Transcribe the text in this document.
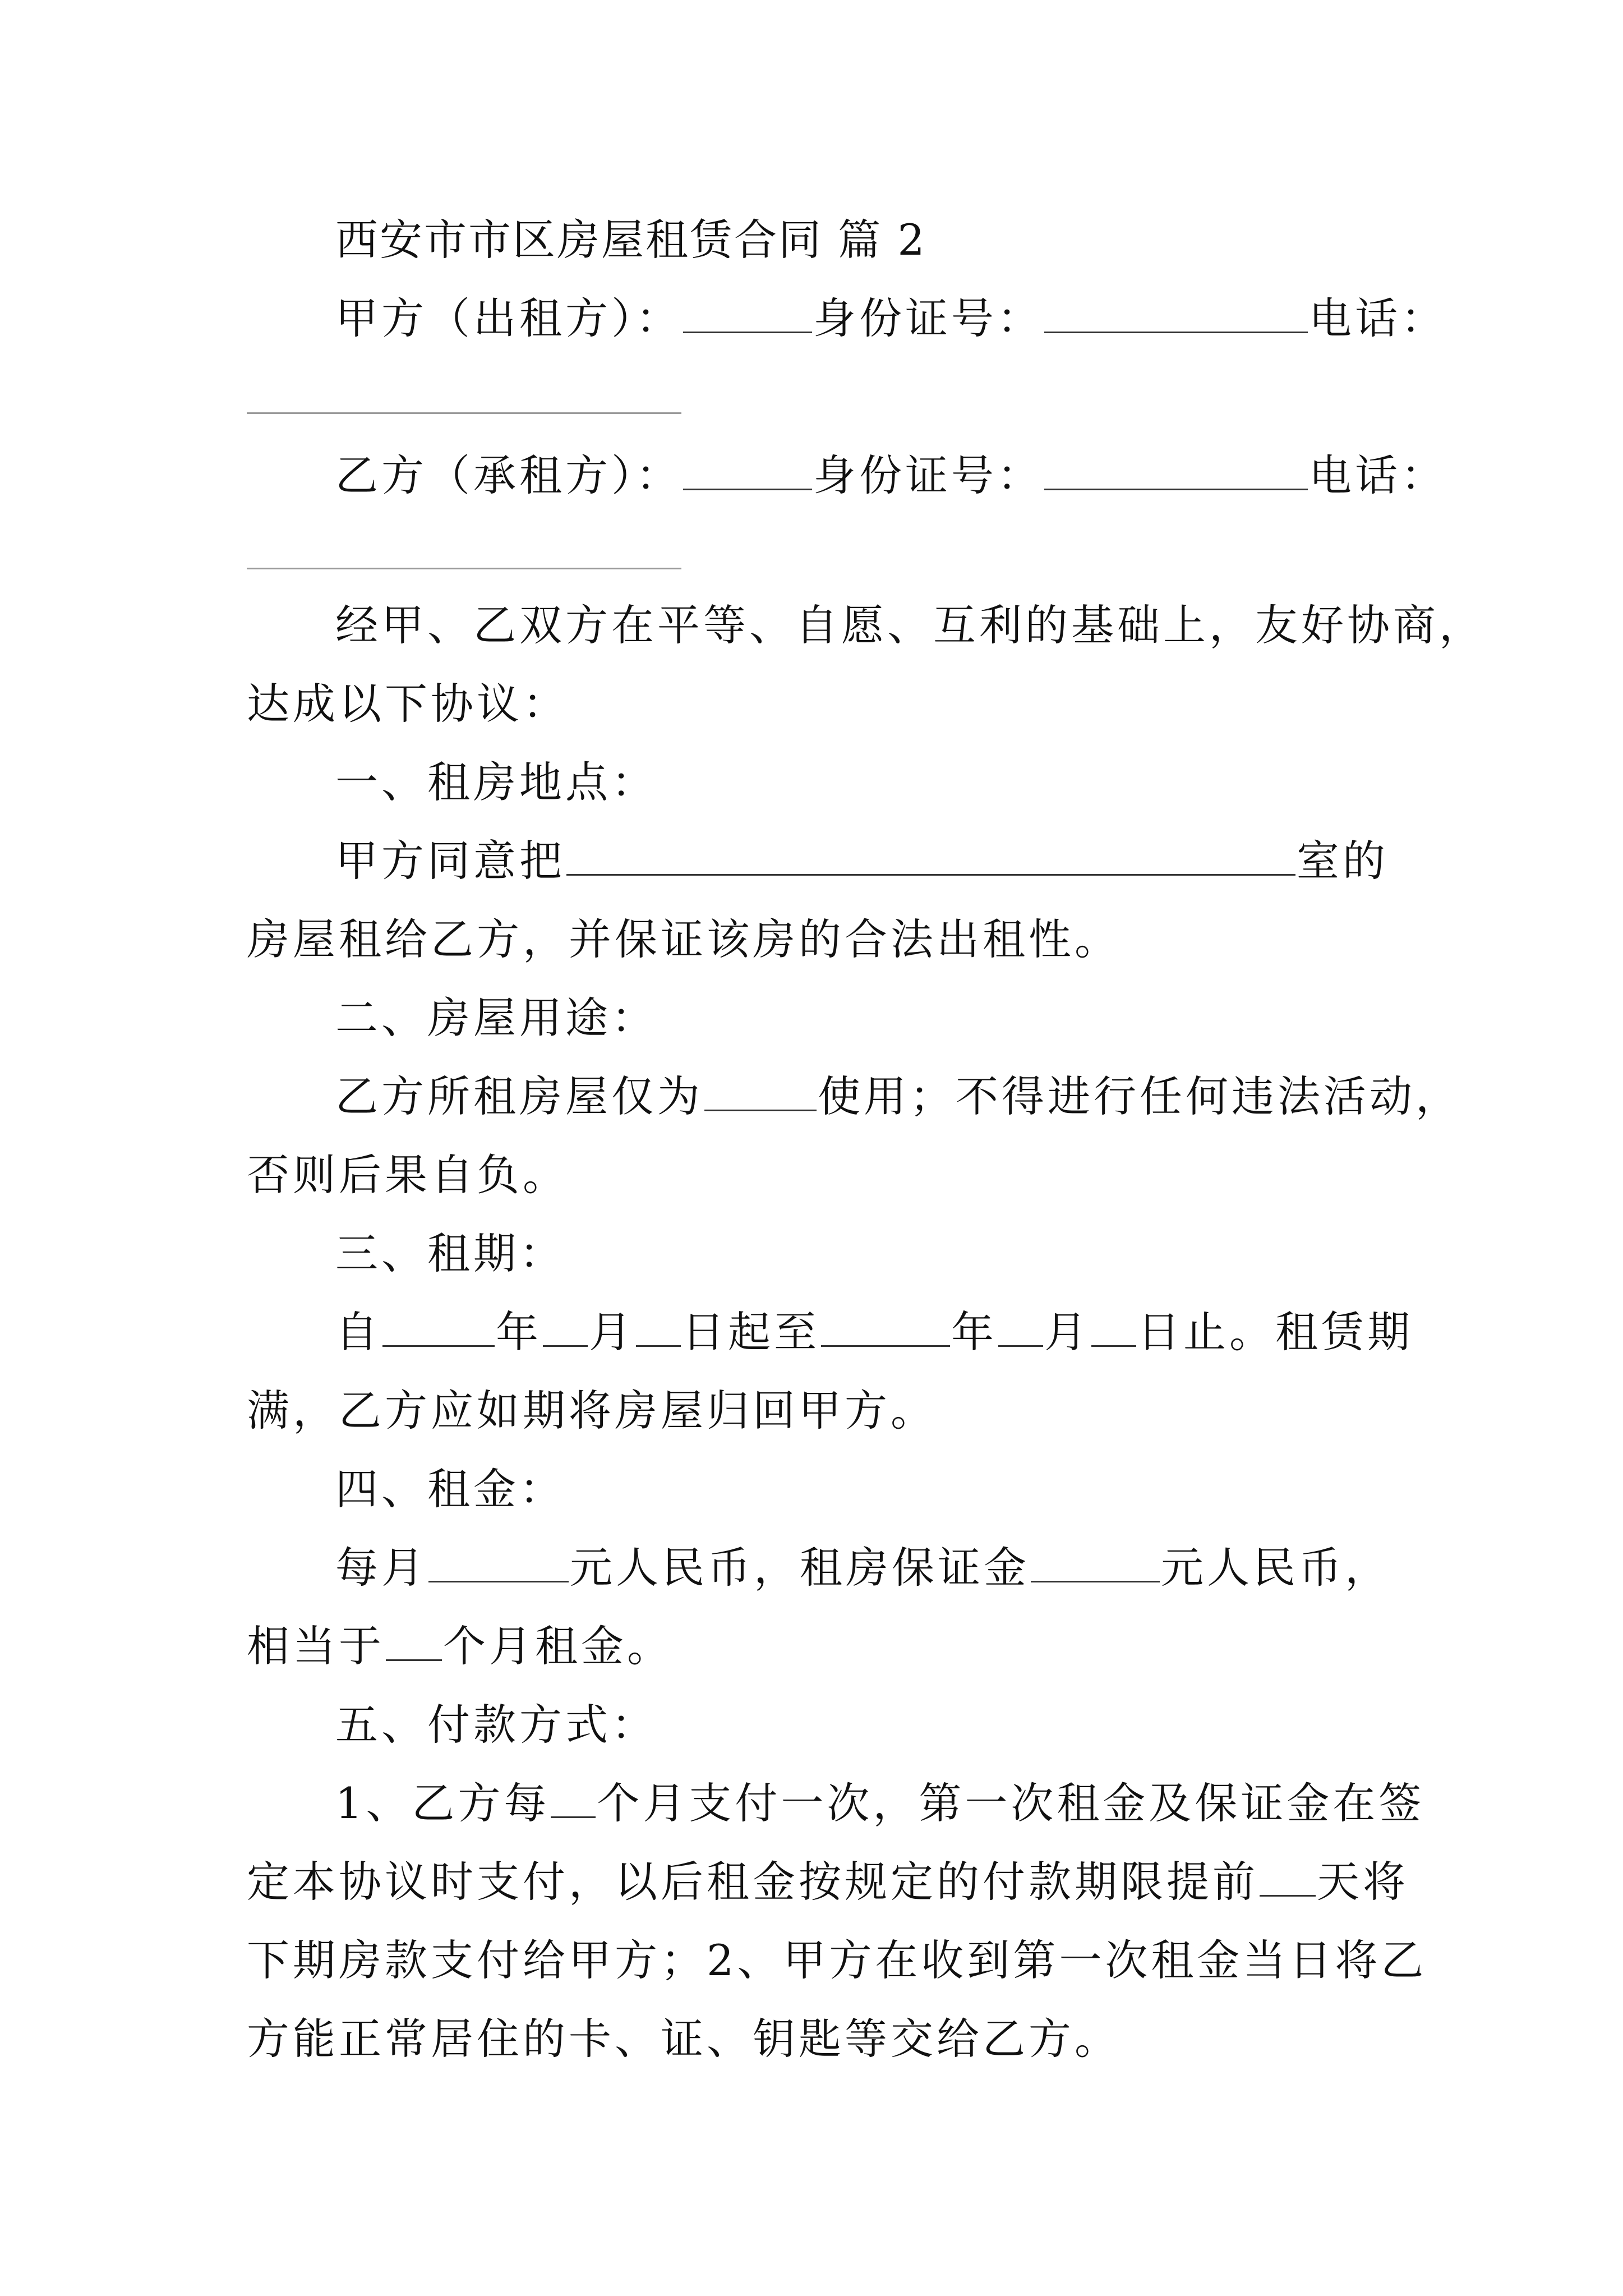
西安市市区房屋租赁合同 篇 2
甲方（出租方）：	身份证号：	电话：
乙方（承租方）：	身份证号：	电话：
经甲、乙双方在平等、自愿、互利的基础上，友好协商，
达成以下协议：
一、租房地点：
甲方同意把	室的
房屋租给乙方，并保证该房的合法出租性。
二、房屋用途：
乙方所租房屋仅为	使用；不得进行任何违法活动，
否则后果自负。
三、租期：
自	年 月 日起至	年 月 日止。租赁期
满，乙方应如期将房屋归回甲方。
四、租金：
每月	元人民币，租房保证金	元人民币，
相当于 个月租金。
五、付款方式：
1、乙方每 个月支付一次，第一次租金及保证金在签
定本协议时支付，以后租金按规定的付款期限提前 天将
下期房款支付给甲方；2、甲方在收到第一次租金当日将乙
方能正常居住的卡、证、钥匙等交给乙方。
